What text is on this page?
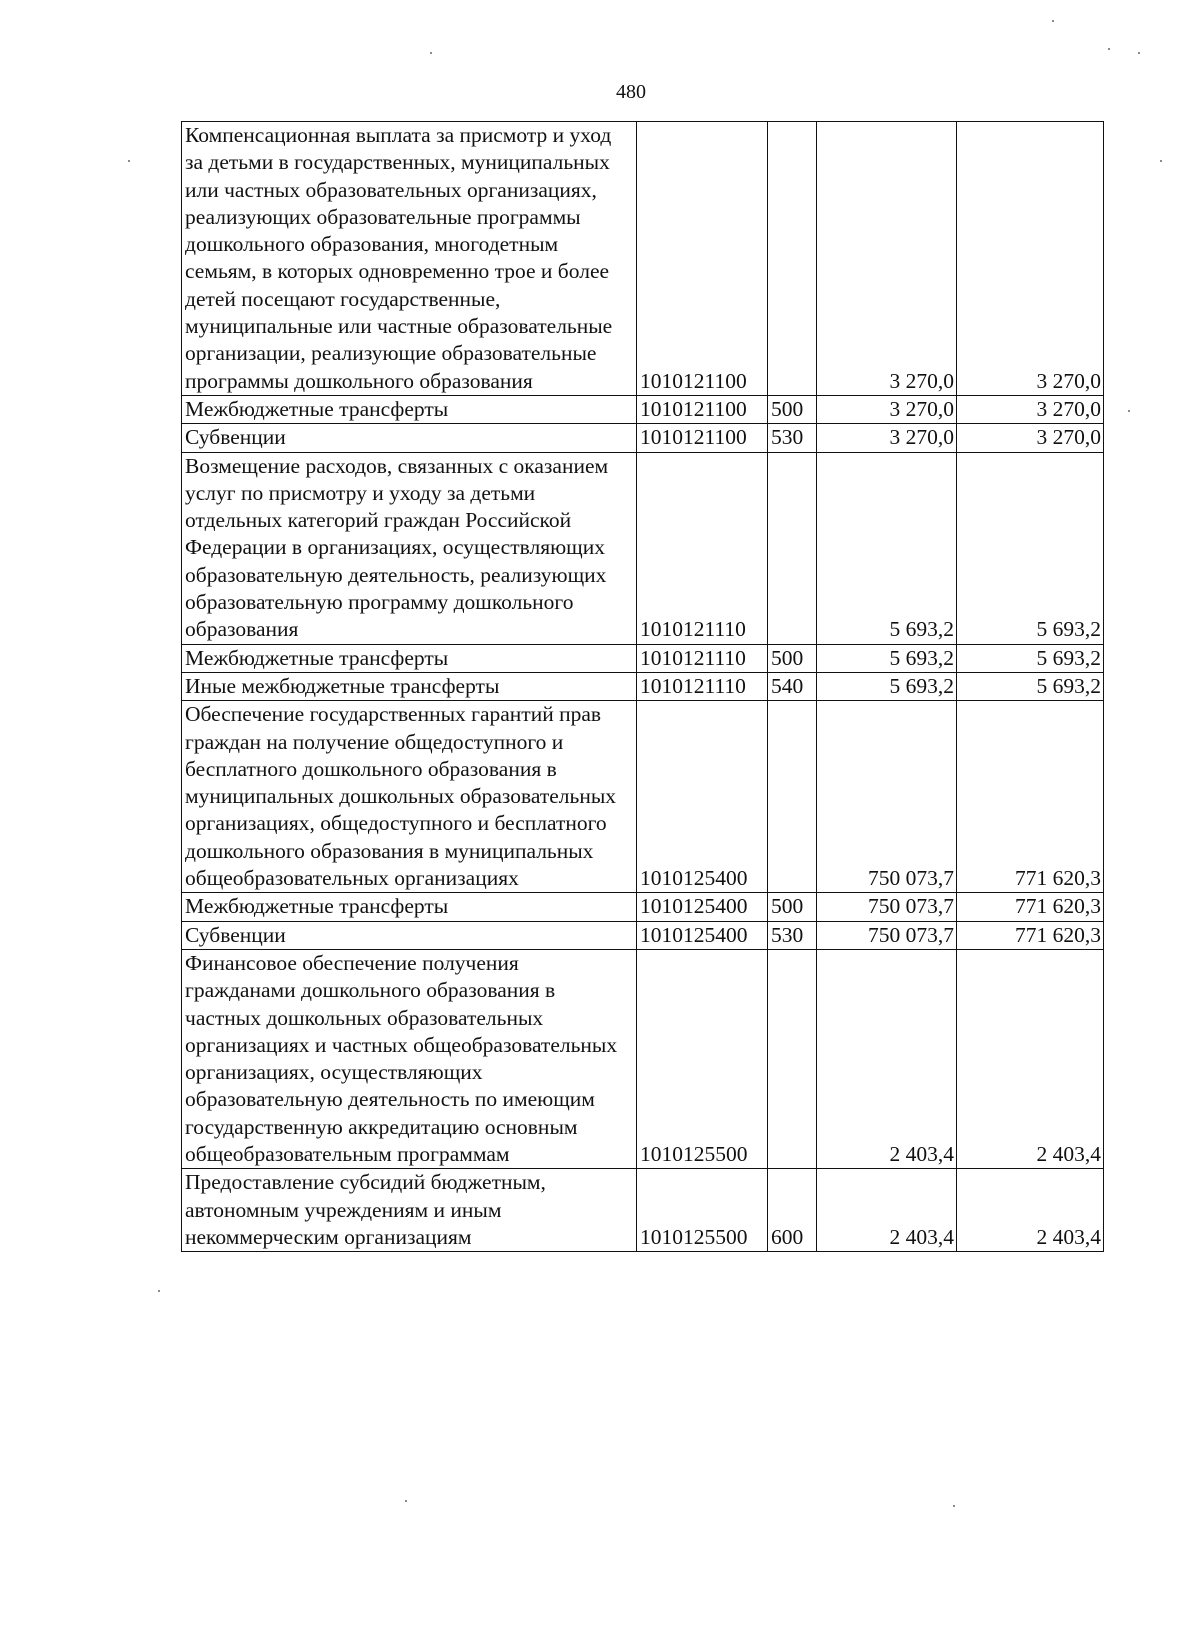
480
Компенсационная выплата за присмотр и уход за детьми в государственных, муниципальных или частных образовательных организациях, реализующих образовательные программы дошкольного образования, многодетным семьям, в которых одновременно трое и более детей посещают государственные, муниципальные или частные образовательные организации, реализующие образовательные программы дошкольного образования	1010121100		3 270,0	3 270,0
Межбюджетные трансферты	1010121100	500	3 270,0	3 270,0
Субвенции	1010121100	530	3 270,0	3 270,0
Возмещение расходов, связанных с оказанием услуг по присмотру и уходу за детьми отдельных категорий граждан Российской Федерации в организациях, осуществляющих образовательную деятельность, реализующих образовательную программу дошкольного образования	1010121110		5 693,2	5 693,2
Межбюджетные трансферты	1010121110	500	5 693,2	5 693,2
Иные межбюджетные трансферты	1010121110	540	5 693,2	5 693,2
Обеспечение государственных гарантий прав граждан на получение общедоступного и бесплатного дошкольного образования в муниципальных дошкольных образовательных организациях, общедоступного и бесплатного дошкольного образования в муниципальных общеобразовательных организациях	1010125400		750 073,7	771 620,3
Межбюджетные трансферты	1010125400	500	750 073,7	771 620,3
Субвенции	1010125400	530	750 073,7	771 620,3
Финансовое обеспечение получения гражданами дошкольного образования в частных дошкольных образовательных организациях и частных общеобразовательных организациях, осуществляющих образовательную деятельность по имеющим государственную аккредитацию основным общеобразовательным программам	1010125500		2 403,4	2 403,4
Предоставление субсидий бюджетным, автономным учреждениям и иным некоммерческим организациям	1010125500	600	2 403,4	2 403,4
